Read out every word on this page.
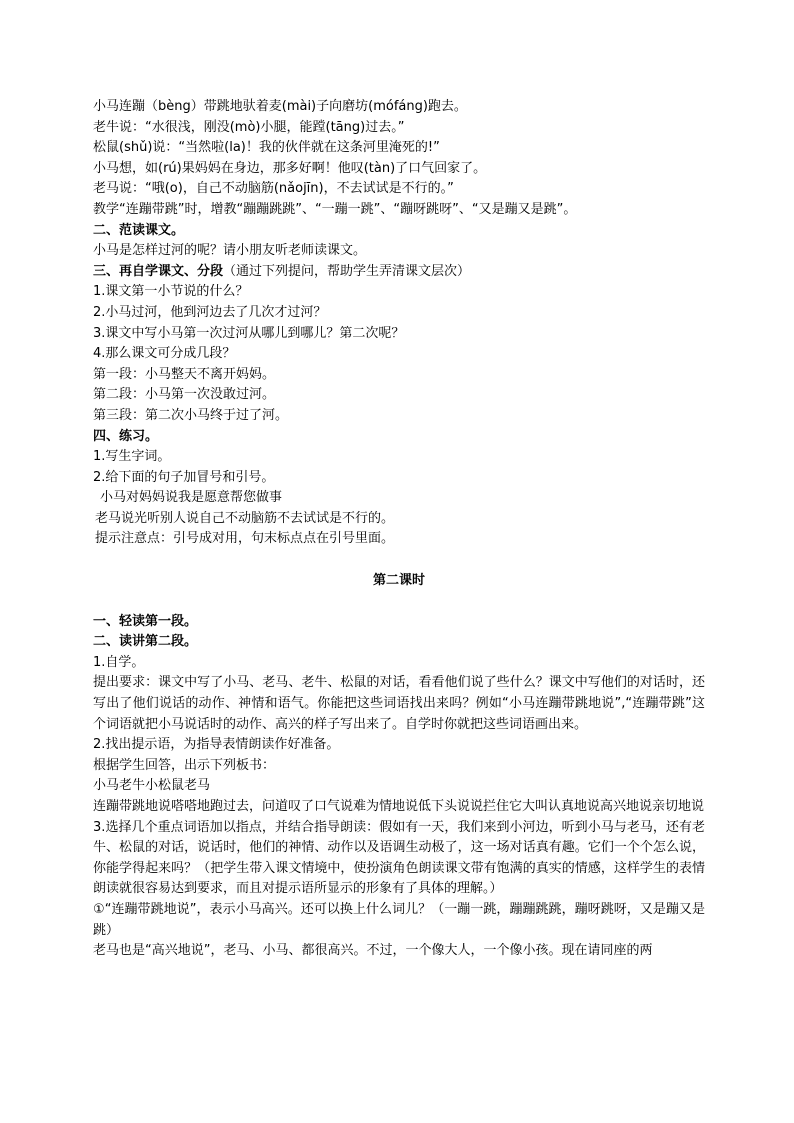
小马连蹦（bèng）带跳地驮着麦(mài)子向磨坊(mófáng)跑去。
老牛说：“水很浅，刚没(mò)小腿，能蹚(tāng)过去。”
松鼠(shǔ)说：“当然啦(la)！我的伙伴就在这条河里淹死的!”
小马想，如(rú)果妈妈在身边，那多好啊！他叹(tàn)了口气回家了。
老马说：“哦(o)，自己不动脑筋(nǎojīn)，不去试试是不行的。”
教学“连蹦带跳”时，增教“蹦蹦跳跳”、“一蹦一跳”、“蹦呀跳呀”、“又是蹦又是跳”。
二、范读课文。
小马是怎样过河的呢？请小朋友听老师读课文。
三、再自学课文、分段（通过下列提问，帮助学生弄清课文层次）
1.课文第一小节说的什么？
2.小马过河，他到河边去了几次才过河？
3.课文中写小马第一次过河从哪儿到哪儿？第二次呢？
4.那么课文可分成几段？
第一段：小马整天不离开妈妈。
第二段：小马第一次没敢过河。
第三段：第二次小马终于过了河。
四、练习。
1.写生字词。
2.给下面的句子加冒号和引号。
小马对妈妈说我是愿意帮您做事
老马说光听别人说自己不动脑筋不去试试是不行的。
提示注意点：引号成对用，句末标点点在引号里面。
第二课时
一、轻读第一段。
二、读讲第二段。
1.自学。
提出要求：课文中写了小马、老马、老牛、松鼠的对话，看看他们说了些什么？课文中写他们的对话时，还写出了他们说话的动作、神情和语气。你能把这些词语找出来吗？例如“小马连蹦带跳地说”,“连蹦带跳”这个词语就把小马说话时的动作、高兴的样子写出来了。自学时你就把这些词语画出来。
2.找出提示语，为指导表情朗读作好准备。
根据学生回答，出示下列板书：
小马老牛小松鼠老马
连蹦带跳地说嗒嗒地跑过去，问道叹了口气说难为情地说低下头说说拦住它大叫认真地说高兴地说亲切地说
3.选择几个重点词语加以指点，并结合指导朗读：假如有一天，我们来到小河边，听到小马与老马，还有老牛、松鼠的对话，说话时，他们的神情、动作以及语调生动极了，这一场对话真有趣。它们一个个怎么说，你能学得起来吗？（把学生带入课文情境中，使扮演角色朗读课文带有饱满的真实的情感，这样学生的表情朗读就很容易达到要求，而且对提示语所显示的形象有了具体的理解。）
①“连蹦带跳地说”，表示小马高兴。还可以换上什么词儿？（一蹦一跳，蹦蹦跳跳，蹦呀跳呀，又是蹦又是跳）
老马也是“高兴地说”，老马、小马、都很高兴。不过，一个像大人，一个像小孩。现在请同座的两
